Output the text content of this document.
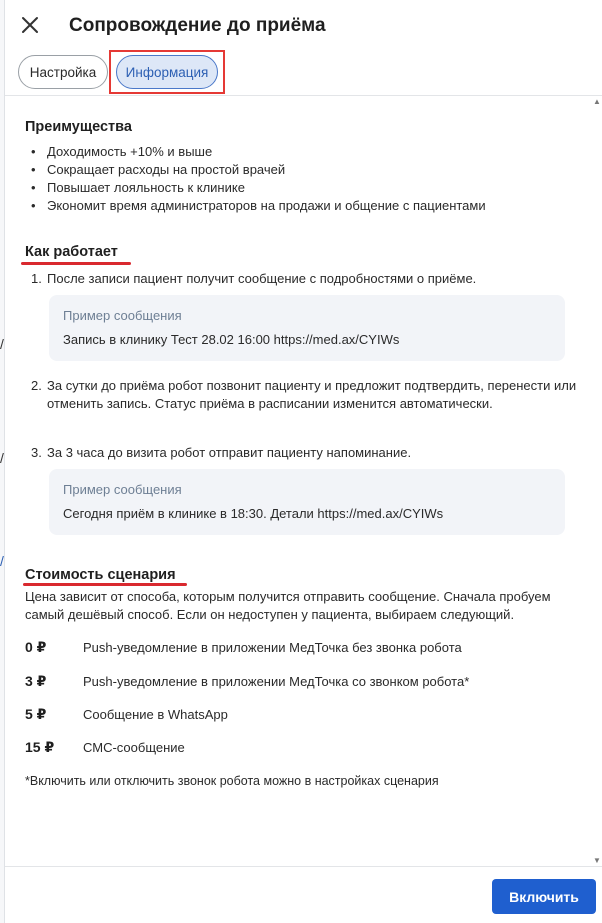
/
/
/
Сопровождение до приёма
Настройка	Информация
▲
▼
Преимущества
• Доходимость +10% и выше
• Сокращает расходы на простой врачей
• Повышает лояльность к клинике
• Экономит время администраторов на продажи и общение с пациентами
Как работает
1. После записи пациент получит сообщение с подробностями о приёме.
Пример сообщения
Запись в клинику Тест 28.02 16:00 https://med.ax/CYIWs
2. За сутки до приёма робот позвонит пациенту и предложит подтвердить, перенести или отменить запись. Статус приёма в расписании изменится автоматически.
3. За 3 часа до визита робот отправит пациенту напоминание.
Пример сообщения
Сегодня приём в клинике в 18:30. Детали https://med.ax/CYIWs
Стоимость сценария
Цена зависит от способа, которым получится отправить сообщение. Сначала пробуем самый дешёвый способ. Если он недоступен у пациента, выбираем следующий.
0 ₽	Push-уведомление в приложении МедТочка без звонка робота
3 ₽	Push-уведомление в приложении МедТочка со звонком робота*
5 ₽	Сообщение в WhatsApp
15 ₽ СМС-сообщение
*Включить или отключить звонок робота можно в настройках сценария
Включить
